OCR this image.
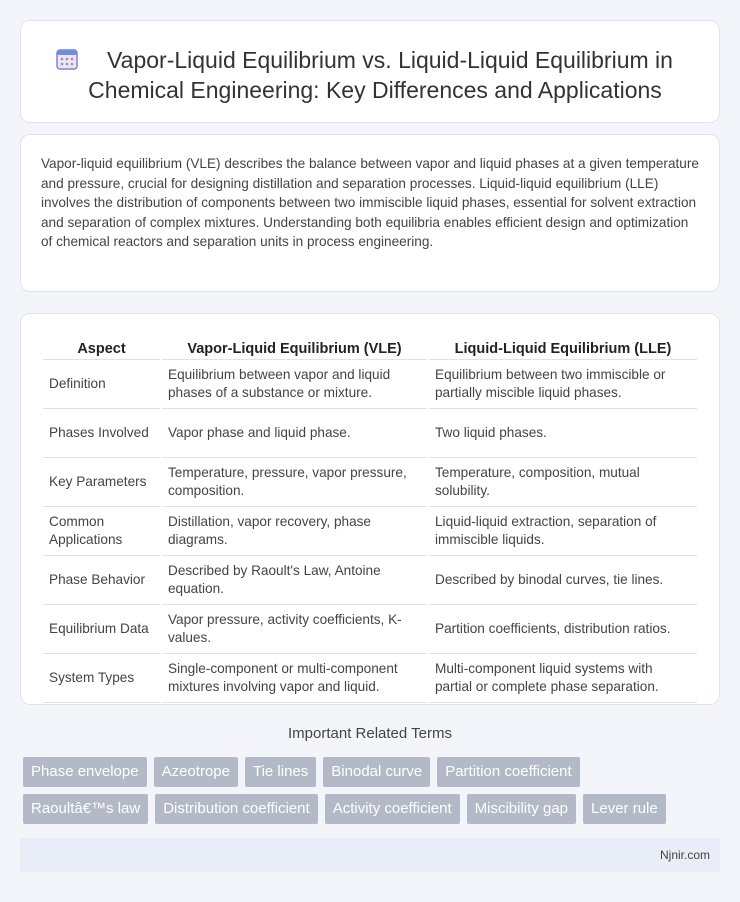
Vapor-Liquid Equilibrium vs. Liquid-Liquid Equilibrium in Chemical Engineering: Key Differences and Applications

Vapor-liquid equilibrium (VLE) describes the balance between vapor and liquid phases at a given temperature and pressure, crucial for designing distillation and separation processes. Liquid-liquid equilibrium (LLE) involves the distribution of components between two immiscible liquid phases, essential for solvent extraction and separation of complex mixtures. Understanding both equilibria enables efficient design and optimization of chemical reactors and separation units in process engineering.

Aspect	Vapor-Liquid Equilibrium (VLE)	Liquid-Liquid Equilibrium (LLE)
Definition	Equilibrium between vapor and liquid phases of a substance or mixture.	Equilibrium between two immiscible or partially miscible liquid phases.
Phases Involved	Vapor phase and liquid phase.	Two liquid phases.
Key Parameters	Temperature, pressure, vapor pressure, composition.	Temperature, composition, mutual solubility.
Common Applications	Distillation, vapor recovery, phase diagrams.	Liquid-liquid extraction, separation of immiscible liquids.
Phase Behavior	Described by Raoult's Law, Antoine equation.	Described by binodal curves, tie lines.
Equilibrium Data	Vapor pressure, activity coefficients, K-values.	Partition coefficients, distribution ratios.
System Types	Single-component or multi-component mixtures involving vapor and liquid.	Multi-component liquid systems with partial or complete phase separation.
Important Related Terms
Phase envelope	Azeotrope	Tie lines	Binodal curve	Partition coefficient
Raoultâ€™s law	Distribution coefficient	Activity coefficient	Miscibility gap	Lever rule
Njnir.com
